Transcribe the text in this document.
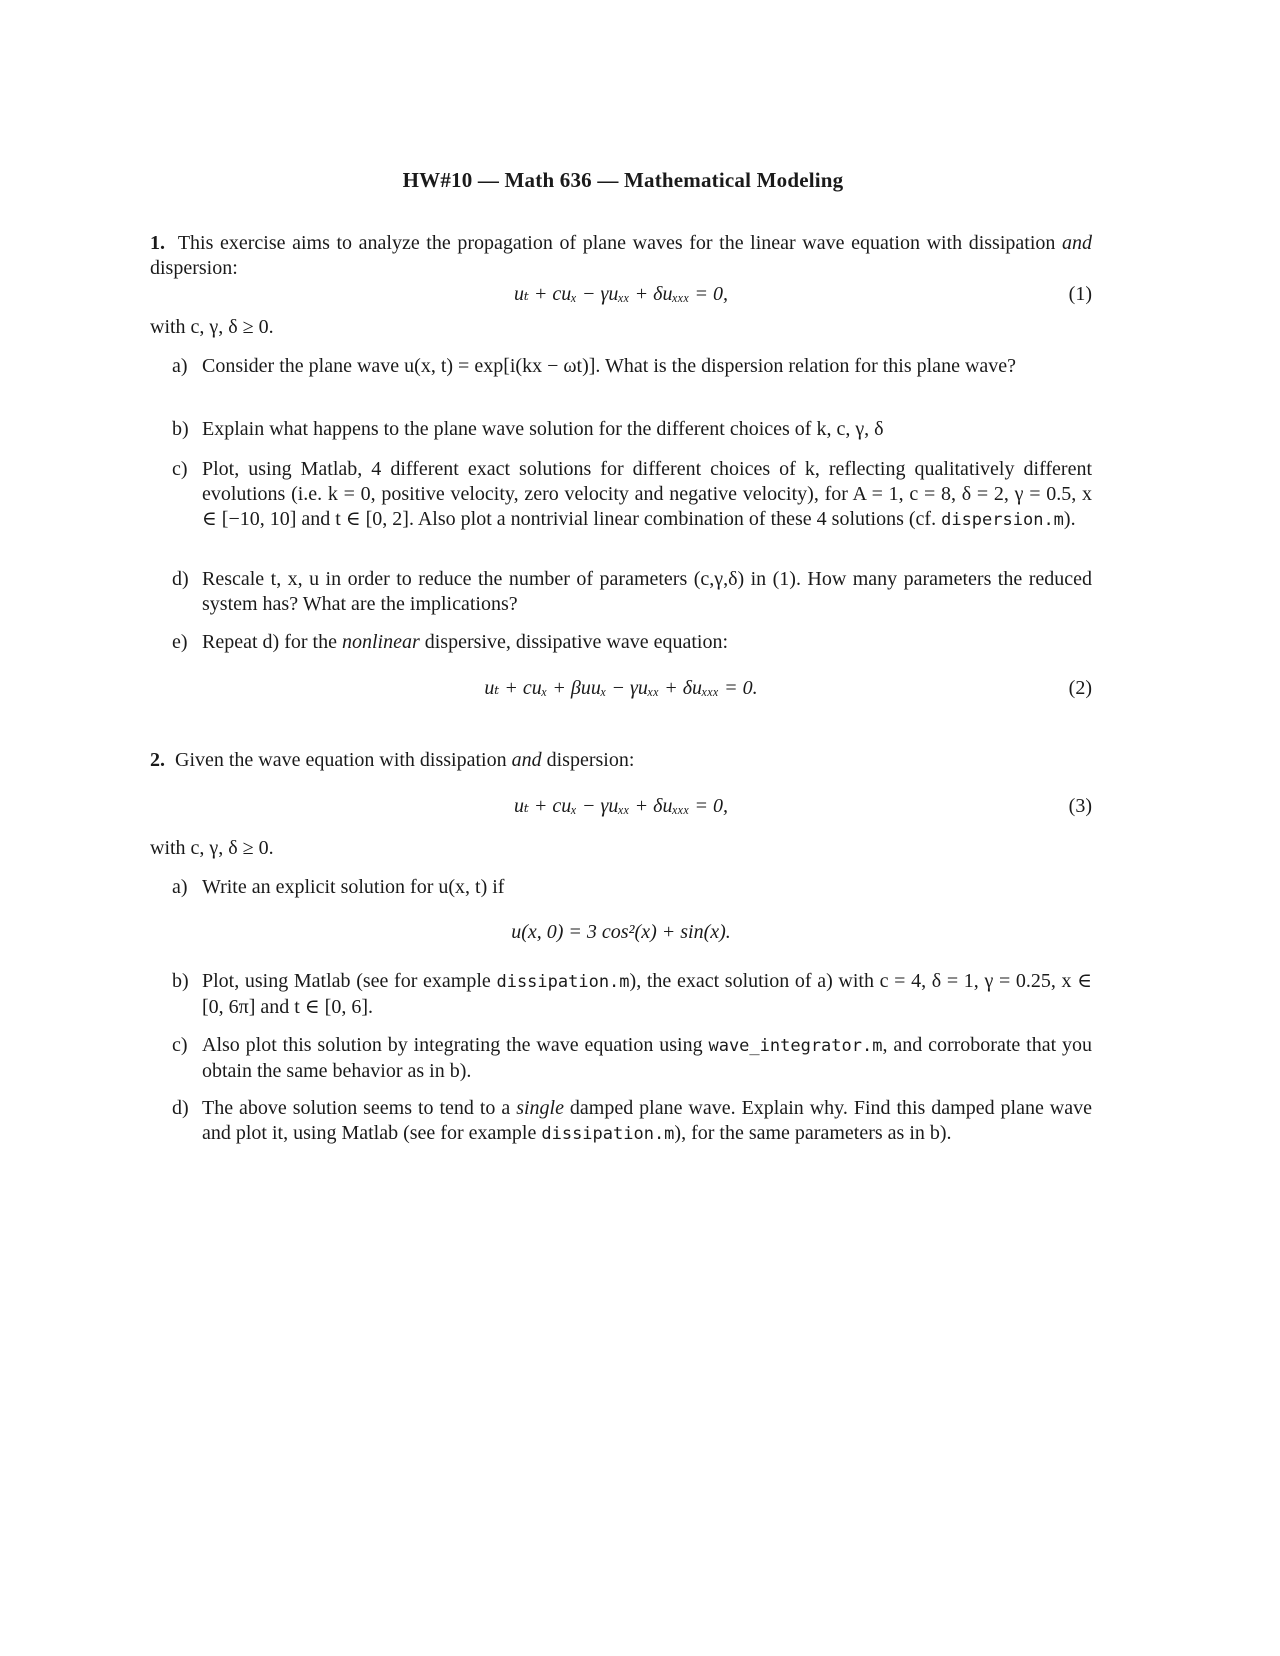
HW#10 — Math 636 — Mathematical Modeling
1. This exercise aims to analyze the propagation of plane waves for the linear wave equation with dissipation and dispersion:
uₜ + cuₓ − γuₓₓ + δuₓₓₓ = 0,	(1)
with c, γ, δ ≥ 0.
a) Consider the plane wave u(x, t) = exp[i(kx − ωt)]. What is the dispersion relation for this plane wave?
b) Explain what happens to the plane wave solution for the different choices of k, c, γ, δ
c) Plot, using Matlab, 4 different exact solutions for different choices of k, reflecting qualitatively different evolutions (i.e. k = 0, positive velocity, zero velocity and negative velocity), for A = 1, c = 8, δ = 2, γ = 0.5, x ∈ [−10, 10] and t ∈ [0, 2]. Also plot a nontrivial linear combination of these 4 solutions (cf. dispersion.m).
d) Rescale t, x, u in order to reduce the number of parameters (c,γ,δ) in (1). How many parameters the reduced system has? What are the implications?
e) Repeat d) for the nonlinear dispersive, dissipative wave equation:
uₜ + cuₓ + βuuₓ − γuₓₓ + δuₓₓₓ = 0.	(2)
2. Given the wave equation with dissipation and dispersion:
uₜ + cuₓ − γuₓₓ + δuₓₓₓ = 0,	(3)
with c, γ, δ ≥ 0.
a) Write an explicit solution for u(x, t) if
u(x, 0) = 3 cos²(x) + sin(x).
b) Plot, using Matlab (see for example dissipation.m), the exact solution of a) with c = 4, δ = 1, γ = 0.25, x ∈ [0, 6π] and t ∈ [0, 6].
c) Also plot this solution by integrating the wave equation using wave_integrator.m, and corroborate that you obtain the same behavior as in b).
d) The above solution seems to tend to a single damped plane wave. Explain why. Find this damped plane wave and plot it, using Matlab (see for example dissipation.m), for the same parameters as in b).
